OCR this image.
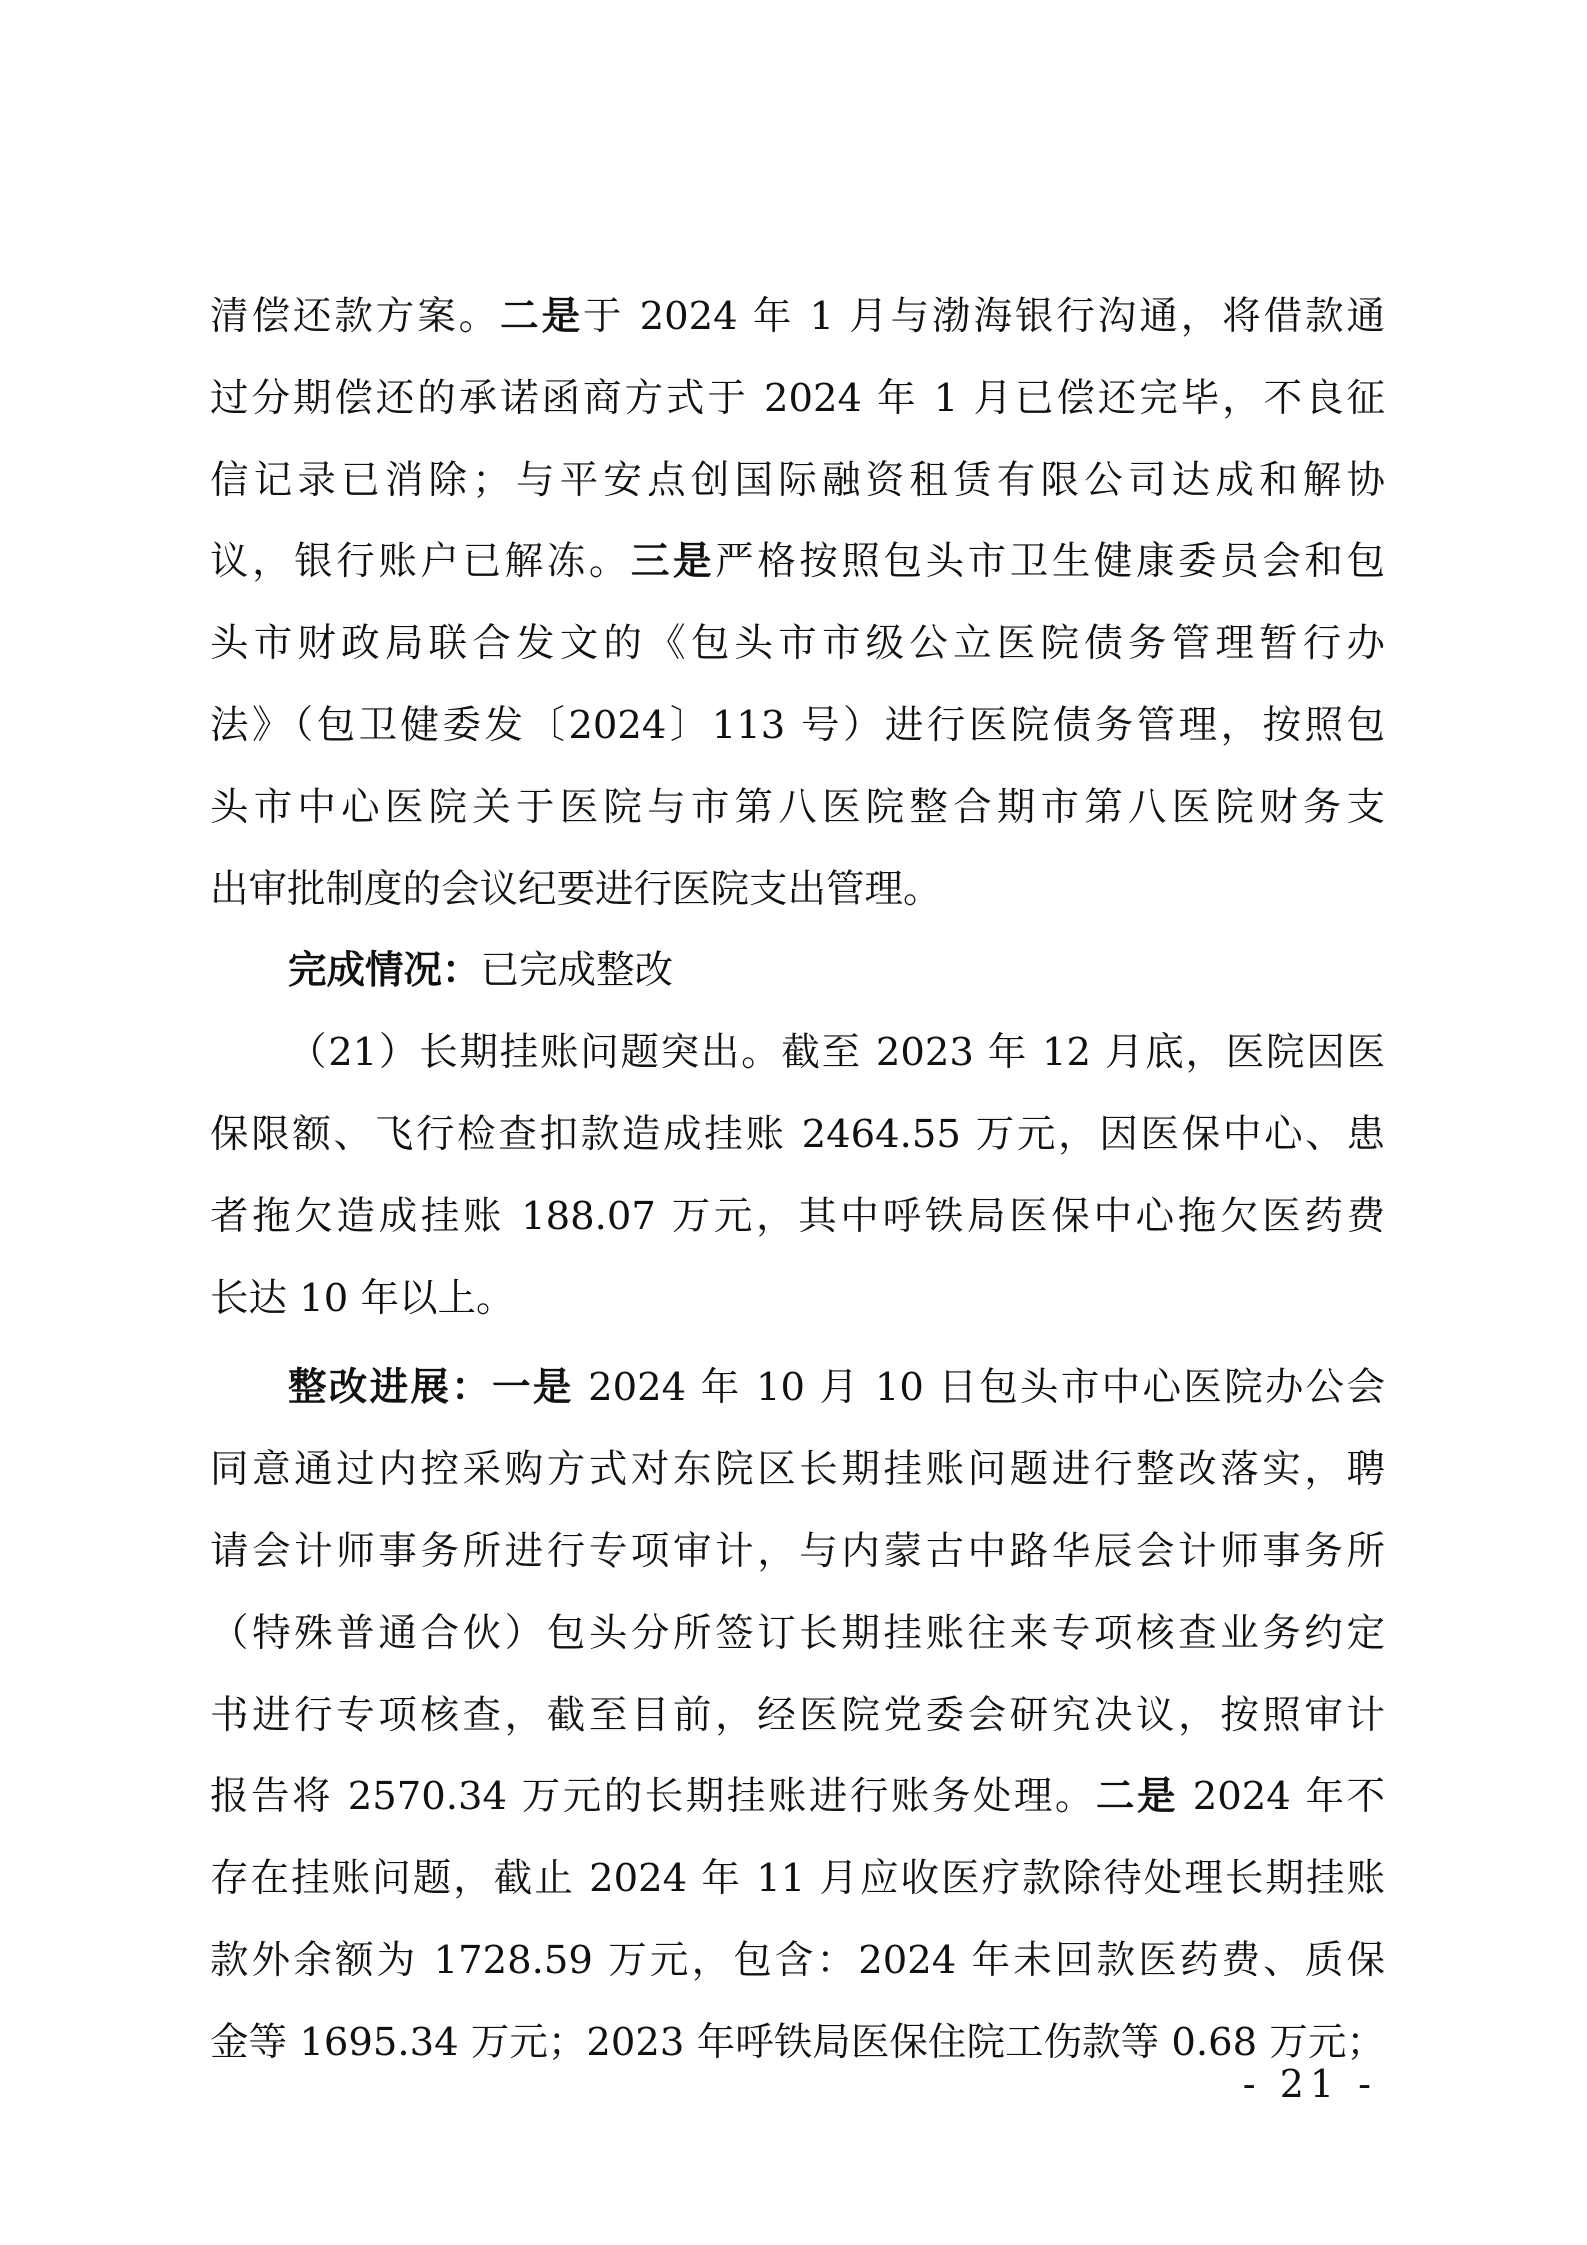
清偿还款方案。二是于 2024 年 1 月与渤海银行沟通，将借款通
过分期偿还的承诺函商方式于 2024 年 1 月已偿还完毕，不良征
信记录已消除；与平安点创国际融资租赁有限公司达成和解协
议，银行账户已解冻。三是严格按照包头市卫生健康委员会和包
头市财政局联合发文的《包头市市级公立医院债务管理暂行办
法》（包卫健委发〔2024〕113 号）进行医院债务管理，按照包
头市中心医院关于医院与市第八医院整合期市第八医院财务支
出审批制度的会议纪要进行医院支出管理。
完成情况：已完成整改
（21）长期挂账问题突出。截至 2023 年 12 月底，医院因医
保限额、飞行检查扣款造成挂账 2464.55 万元，因医保中心、患
者拖欠造成挂账 188.07 万元，其中呼铁局医保中心拖欠医药费
长达 10 年以上。
整改进展：一是 2024 年 10 月 10 日包头市中心医院办公会
同意通过内控采购方式对东院区长期挂账问题进行整改落实，聘
请会计师事务所进行专项审计，与内蒙古中路华辰会计师事务所
（特殊普通合伙）包头分所签订长期挂账往来专项核查业务约定
书进行专项核查，截至目前，经医院党委会研究决议，按照审计
报告将 2570.34 万元的长期挂账进行账务处理。二是 2024 年不
存在挂账问题，截止 2024 年 11 月应收医疗款除待处理长期挂账
款外余额为 1728.59 万元，包含：2024 年未回款医药费、质保
金等 1695.34 万元；2023 年呼铁局医保住院工伤款等 0.68 万元；
- 21 -
